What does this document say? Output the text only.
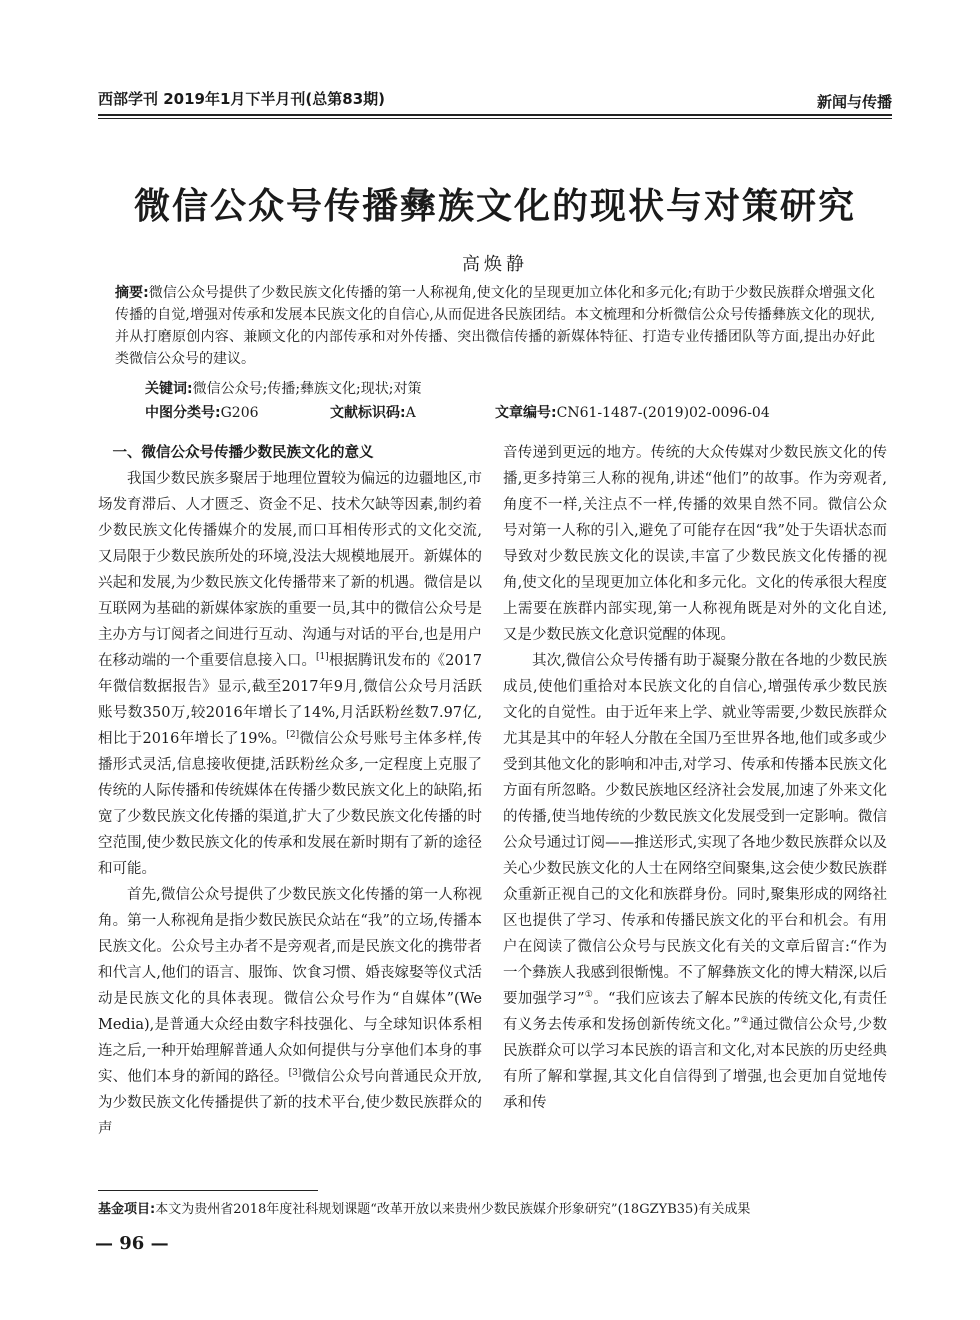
西部学刊 2019年1月下半月刊(总第83期)	新闻与传播
微信公众号传播彝族文化的现状与对策研究
高焕静
摘要:微信公众号提供了少数民族文化传播的第一人称视角,使文化的呈现更加立体化和多元化;有助于少数民族群众增强文化传播的自觉,增强对传承和发展本民族文化的自信心,从而促进各民族团结。本文梳理和分析微信公众号传播彝族文化的现状,并从打磨原创内容、兼顾文化的内部传承和对外传播、突出微信传播的新媒体特征、打造专业传播团队等方面,提出办好此类微信公众号的建议。
关键词:微信公众号;传播;彝族文化;现状;对策
中图分类号:G206	文献标识码:A	文章编号:CN61-1487-(2019)02-0096-04
一、微信公众号传播少数民族文化的意义

我国少数民族多聚居于地理位置较为偏远的边疆地区,市场发育滞后、人才匮乏、资金不足、技术欠缺等因素,制约着少数民族文化传播媒介的发展,而口耳相传形式的文化交流,又局限于少数民族所处的环境,没法大规模地展开。新媒体的兴起和发展,为少数民族文化传播带来了新的机遇。微信是以互联网为基础的新媒体家族的重要一员,其中的微信公众号是主办方与订阅者之间进行互动、沟通与对话的平台,也是用户在移动端的一个重要信息接入口。[1]根据腾讯发布的《2017年微信数据报告》显示,截至2017年9月,微信公众号月活跃账号数350万,较2016年增长了14%,月活跃粉丝数7.97亿,相比于2016年增长了19%。[2]微信公众号账号主体多样,传播形式灵活,信息接收便捷,活跃粉丝众多,一定程度上克服了传统的人际传播和传统媒体在传播少数民族文化上的缺陷,拓宽了少数民族文化传播的渠道,扩大了少数民族文化传播的时空范围,使少数民族文化的传承和发展在新时期有了新的途径和可能。

首先,微信公众号提供了少数民族文化传播的第一人称视角。第一人称视角是指少数民族民众站在“我”的立场,传播本民族文化。公众号主办者不是旁观者,而是民族文化的携带者和代言人,他们的语言、服饰、饮食习惯、婚丧嫁娶等仪式活动是民族文化的具体表现。微信公众号作为“自媒体”(We Media),是普通大众经由数字科技强化、与全球知识体系相连之后,一种开始理解普通人众如何提供与分享他们本身的事实、他们本身的新闻的路径。[3]微信公众号向普通民众开放,为少数民族文化传播提供了新的技术平台,使少数民族群众的声

音传递到更远的地方。传统的大众传媒对少数民族文化的传播,更多持第三人称的视角,讲述“他们”的故事。作为旁观者,角度不一样,关注点不一样,传播的效果自然不同。微信公众号对第一人称的引入,避免了可能存在因“我”处于失语状态而导致对少数民族文化的误读,丰富了少数民族文化传播的视角,使文化的呈现更加立体化和多元化。文化的传承很大程度上需要在族群内部实现,第一人称视角既是对外的文化自述,又是少数民族文化意识觉醒的体现。

其次,微信公众号传播有助于凝聚分散在各地的少数民族成员,使他们重拾对本民族文化的自信心,增强传承少数民族文化的自觉性。由于近年来上学、就业等需要,少数民族群众尤其是其中的年轻人分散在全国乃至世界各地,他们或多或少受到其他文化的影响和冲击,对学习、传承和传播本民族文化方面有所忽略。少数民族地区经济社会发展,加速了外来文化的传播,使当地传统的少数民族文化发展受到一定影响。微信公众号通过订阅——推送形式,实现了各地少数民族群众以及关心少数民族文化的人士在网络空间聚集,这会使少数民族群众重新正视自己的文化和族群身份。同时,聚集形成的网络社区也提供了学习、传承和传播民族文化的平台和机会。有用户在阅读了微信公众号与民族文化有关的文章后留言:“作为一个彝族人我感到很惭愧。不了解彝族文化的博大精深,以后要加强学习”①。“我们应该去了解本民族的传统文化,有责任有义务去传承和发扬创新传统文化。”②通过微信公众号,少数民族群众可以学习本民族的语言和文化,对本民族的历史经典有所了解和掌握,其文化自信得到了增强,也会更加自觉地传承和传

基金项目:本文为贵州省2018年度社科规划课题“改革开放以来贵州少数民族媒介形象研究”(18GZYB35)有关成果
— 96 —
